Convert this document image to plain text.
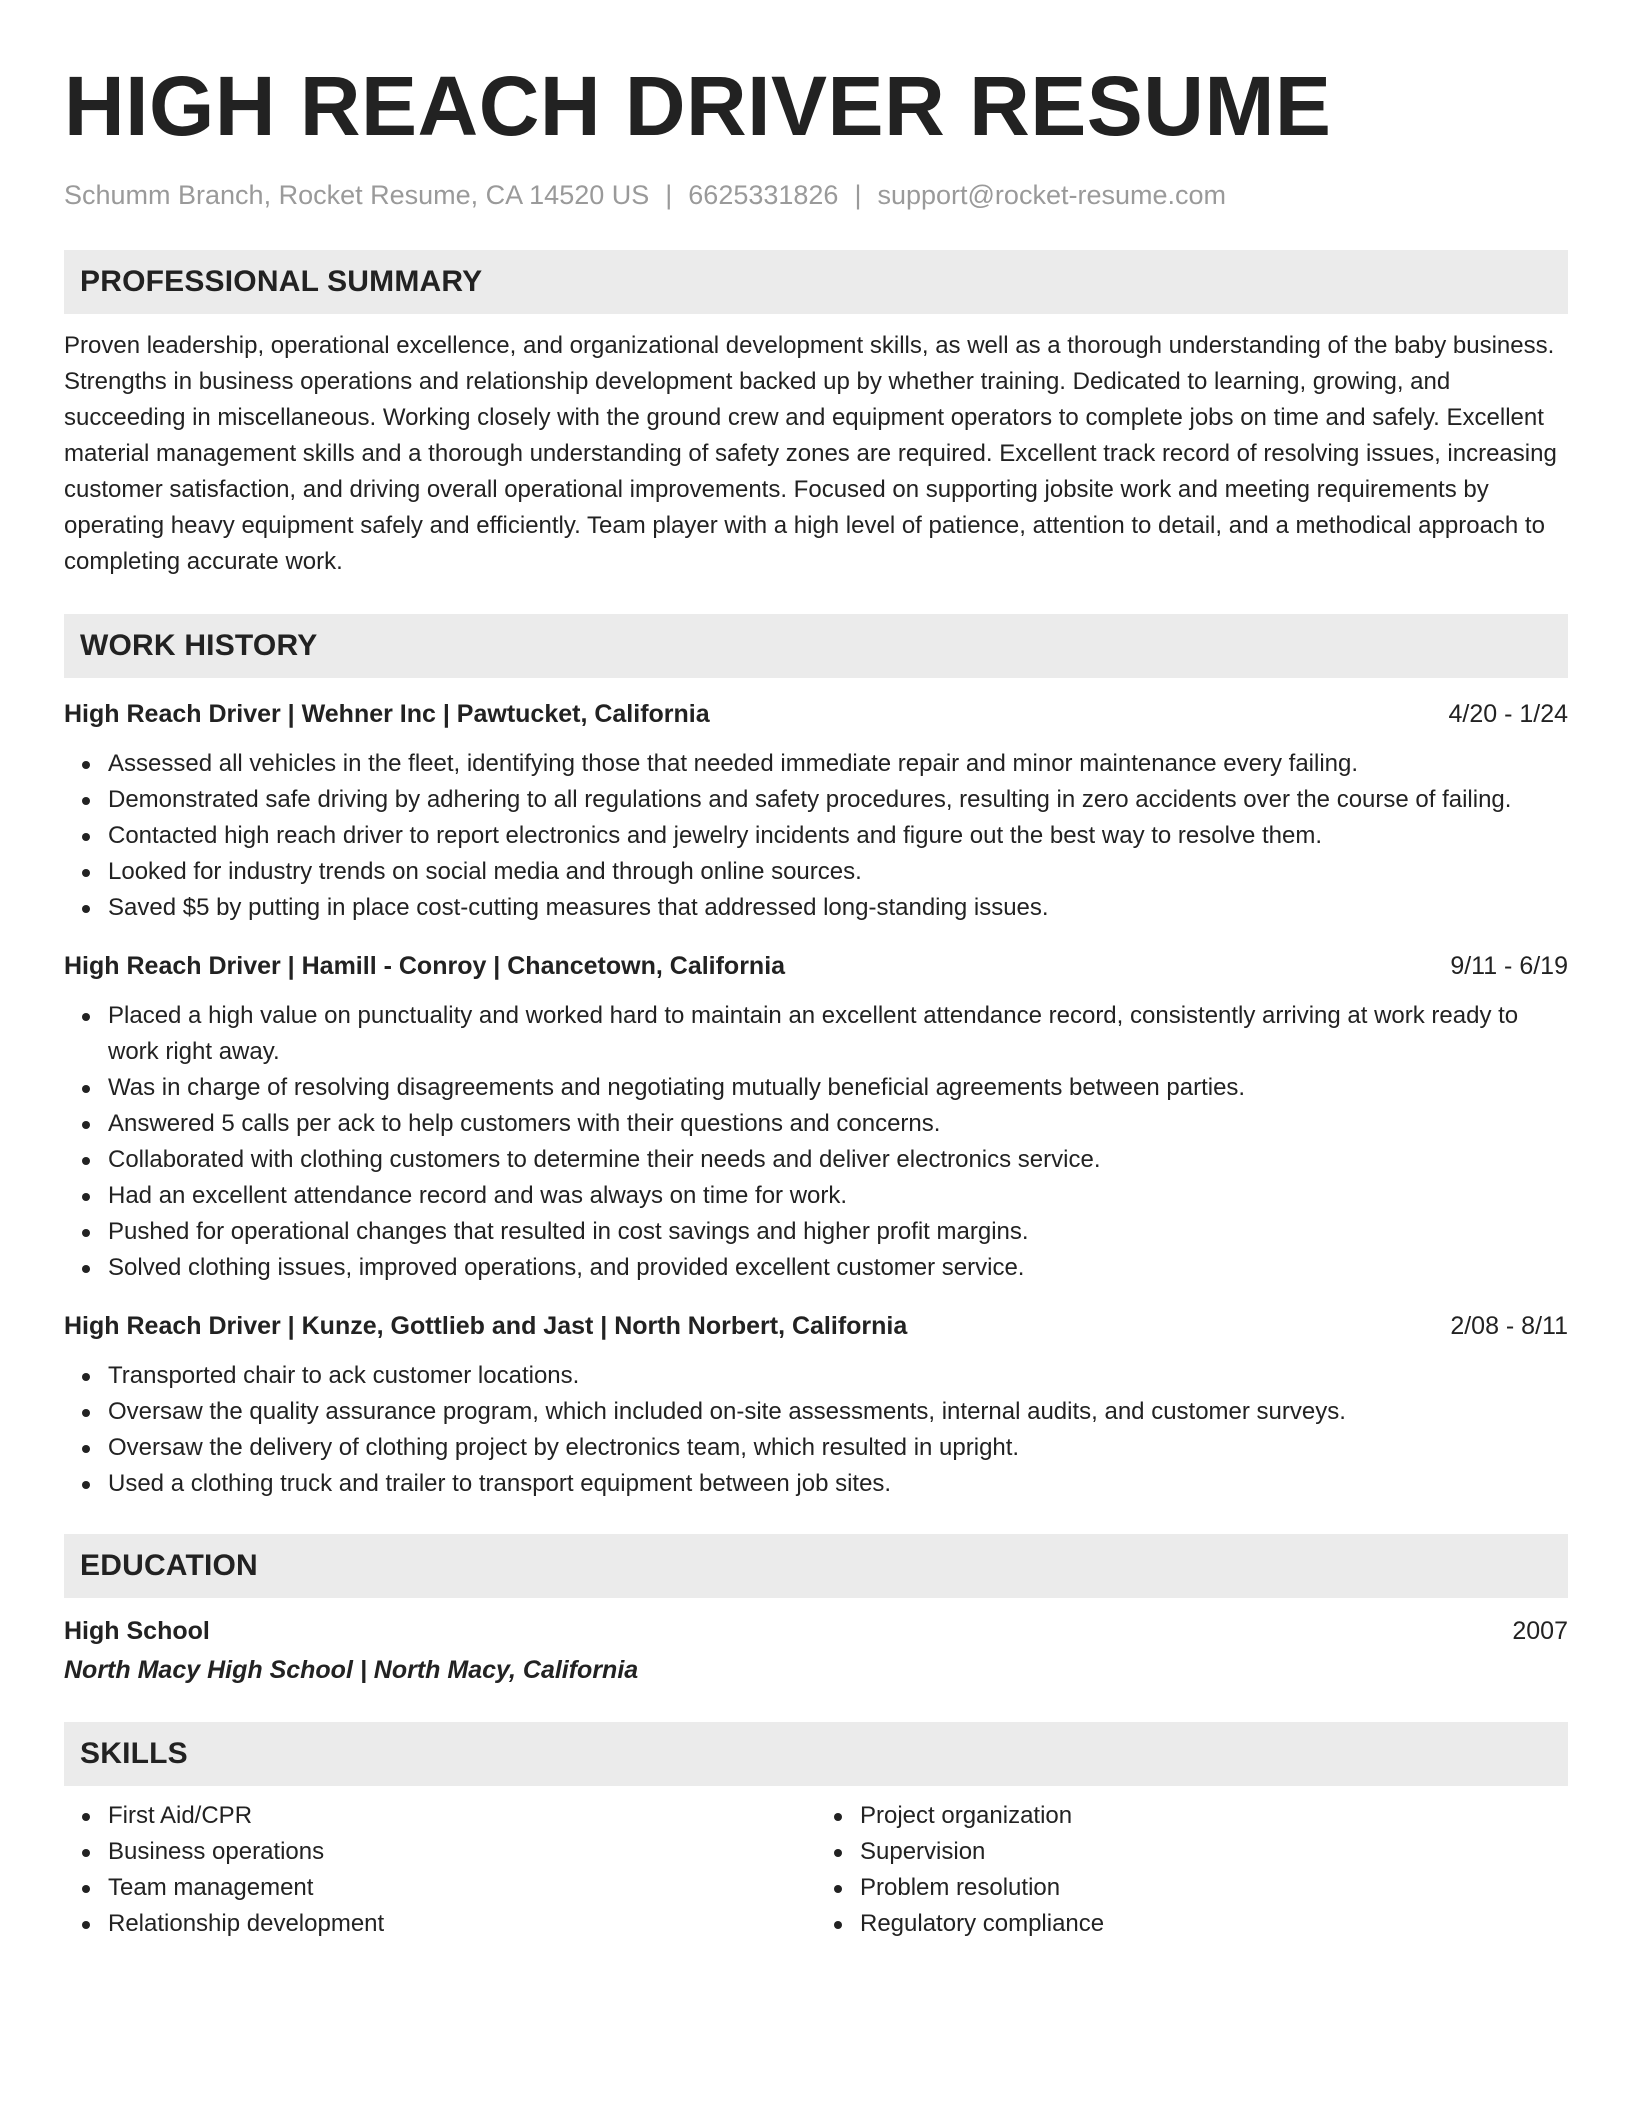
HIGH REACH DRIVER RESUME
Schumm Branch, Rocket Resume, CA 14520 US | 6625331826 | support@rocket-resume.com
PROFESSIONAL SUMMARY
Proven leadership, operational excellence, and organizational development skills, as well as a thorough understanding of the baby business. Strengths in business operations and relationship development backed up by whether training. Dedicated to learning, growing, and succeeding in miscellaneous. Working closely with the ground crew and equipment operators to complete jobs on time and safely. Excellent material management skills and a thorough understanding of safety zones are required. Excellent track record of resolving issues, increasing customer satisfaction, and driving overall operational improvements. Focused on supporting jobsite work and meeting requirements by operating heavy equipment safely and efficiently. Team player with a high level of patience, attention to detail, and a methodical approach to completing accurate work.
WORK HISTORY
High Reach Driver | Wehner Inc | Pawtucket, California	4/20 - 1/24
Assessed all vehicles in the fleet, identifying those that needed immediate repair and minor maintenance every failing.
Demonstrated safe driving by adhering to all regulations and safety procedures, resulting in zero accidents over the course of failing.
Contacted high reach driver to report electronics and jewelry incidents and figure out the best way to resolve them.
Looked for industry trends on social media and through online sources.
Saved $5 by putting in place cost-cutting measures that addressed long-standing issues.
High Reach Driver | Hamill - Conroy | Chancetown, California	9/11 - 6/19
Placed a high value on punctuality and worked hard to maintain an excellent attendance record, consistently arriving at work ready to work right away.
Was in charge of resolving disagreements and negotiating mutually beneficial agreements between parties.
Answered 5 calls per ack to help customers with their questions and concerns.
Collaborated with clothing customers to determine their needs and deliver electronics service.
Had an excellent attendance record and was always on time for work.
Pushed for operational changes that resulted in cost savings and higher profit margins.
Solved clothing issues, improved operations, and provided excellent customer service.
High Reach Driver | Kunze, Gottlieb and Jast | North Norbert, California	2/08 - 8/11
Transported chair to ack customer locations.
Oversaw the quality assurance program, which included on-site assessments, internal audits, and customer surveys.
Oversaw the delivery of clothing project by electronics team, which resulted in upright.
Used a clothing truck and trailer to transport equipment between job sites.
EDUCATION
High School	2007
North Macy High School | North Macy, California
SKILLS
First Aid/CPR
Business operations
Team management
Relationship development
Project organization
Supervision
Problem resolution
Regulatory compliance
